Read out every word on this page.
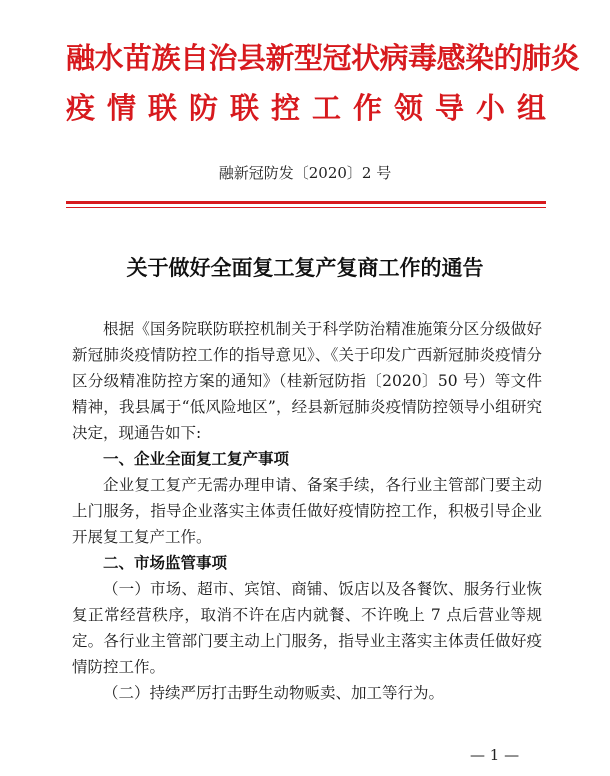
融水苗族自治县新型冠状病毒感染的肺炎
疫情联防联控工作领导小组
融新冠防发〔2020〕2 号
关于做好全面复工复产复商工作的通告

根据《国务院联防联控机制关于科学防治精准施策分区分级做好新冠肺炎疫情防控工作的指导意见》、《关于印发广西新冠肺炎疫情分区分级精准防控方案的通知》（桂新冠防指〔2020〕50 号）等文件精神，我县属于“低风险地区”，经县新冠肺炎疫情防控领导小组研究决定，现通告如下:

一、企业全面复工复产事项

企业复工复产无需办理申请、备案手续，各行业主管部门要主动上门服务，指导企业落实主体责任做好疫情防控工作，积极引导企业开展复工复产工作。

二、市场监管事项

（一）市场、超市、宾馆、商铺、饭店以及各餐饮、服务行业恢复正常经营秩序，取消不许在店内就餐、不许晚上 7 点后营业等规定。各行业主管部门要主动上门服务，指导业主落实主体责任做好疫情防控工作。

（二）持续严厉打击野生动物贩卖、加工等行为。

— 1 —
